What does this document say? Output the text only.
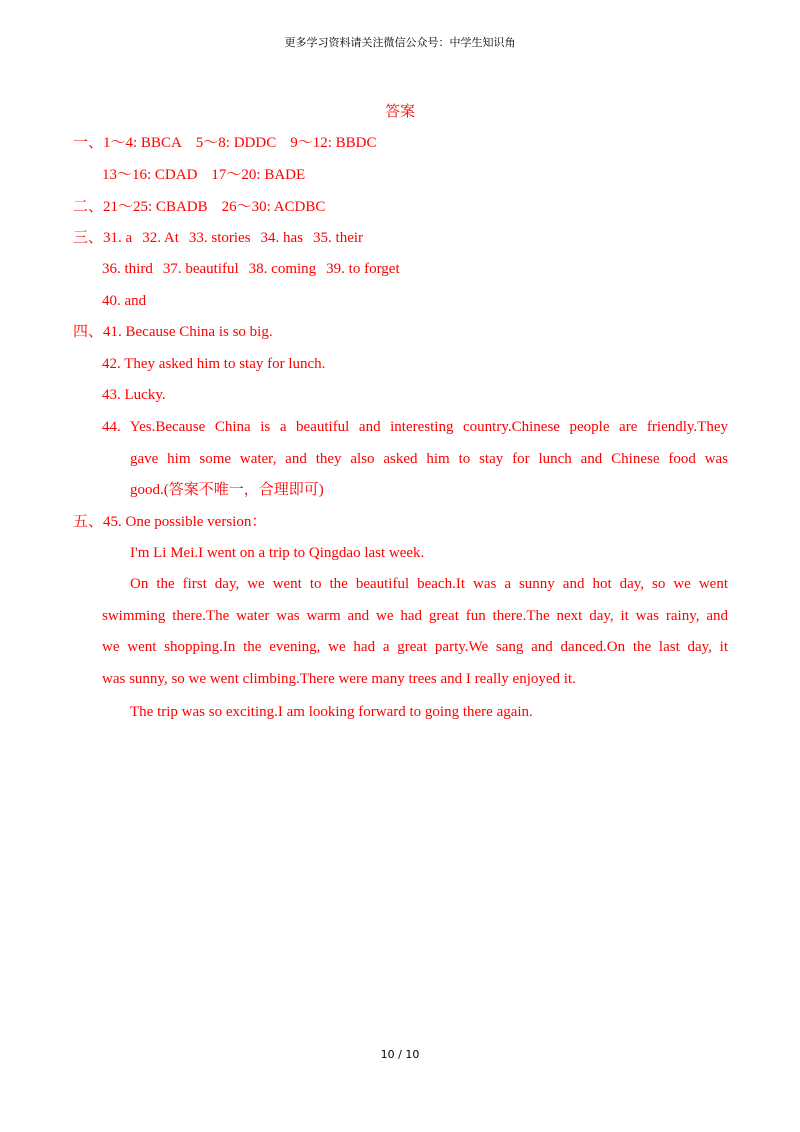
更多学习资料请关注微信公众号：中学生知识角
答案
一、1～4: BBCA 5～8: DDDC 9～12: BBDC
13～16: CDAD 17～20: BADE
二、21～25: CBADB 26～30: ACDBC
三、31. a 32. At 33. stories 34. has 35. their
36. third 37. beautiful 38. coming 39. to forget
40. and
四、41. Because China is so big.
42. They asked him to stay for lunch.
43. Lucky.
44. Yes.Because China is a beautiful and interesting country.Chinese people are friendly.They
gave him some water, and they also asked him to stay for lunch and Chinese food was
good.(答案不唯一，合理即可)
五、45. One possible version：
I'm Li Mei.I went on a trip to Qingdao last week.
On the first day, we went to the beautiful beach.It was a sunny and hot day, so we went
swimming there.The water was warm and we had great fun there.The next day, it was rainy, and
we went shopping.In the evening, we had a great party.We sang and danced.On the last day, it
was sunny, so we went climbing.There were many trees and I really enjoyed it.
The trip was so exciting.I am looking forward to going there again.
10 / 10
